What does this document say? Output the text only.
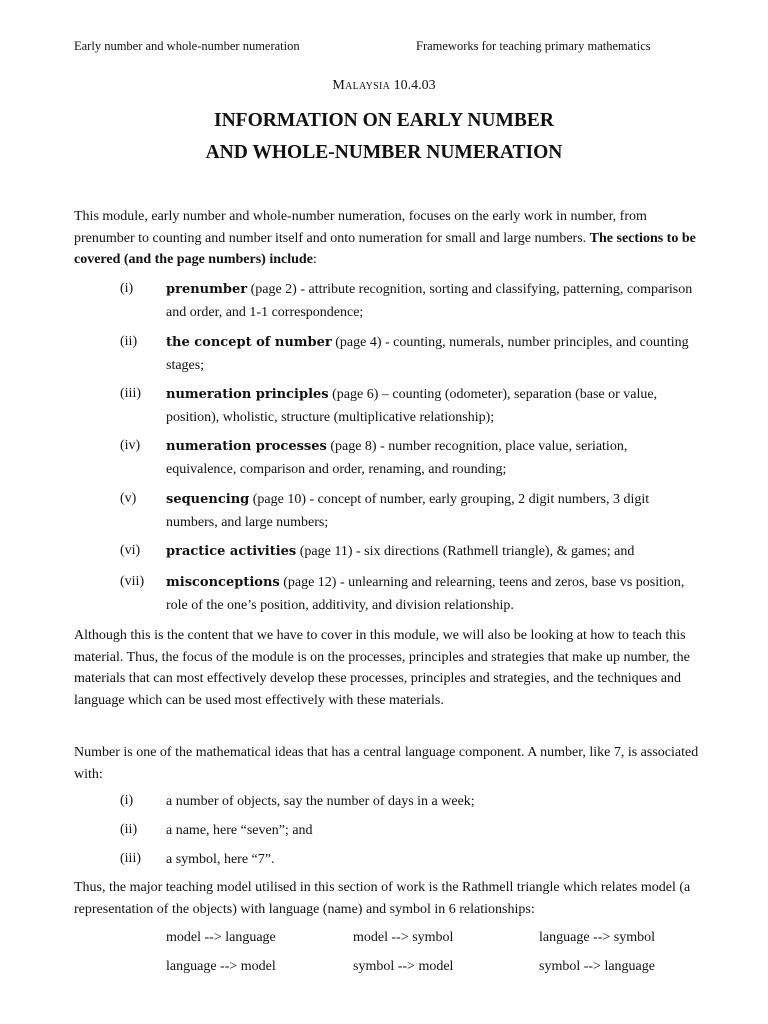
Early number and whole-number numeration	Frameworks for teaching primary mathematics
Malaysia 10.4.03
INFORMATION ON EARLY NUMBER
AND WHOLE-NUMBER NUMERATION
This module, early number and whole-number numeration, focuses on the early work in number, from prenumber to counting and number itself and onto numeration for small and large numbers. The sections to be covered (and the page numbers) include:
(i)	prenumber (page 2) - attribute recognition, sorting and classifying, patterning, comparison and order, and 1-1 correspondence;
(ii) the concept of number (page 4) - counting, numerals, number principles, and counting stages;
(iii) numeration principles (page 6) – counting (odometer), separation (base or value, position), wholistic, structure (multiplicative relationship);
(iv) numeration processes (page 8) - number recognition, place value, seriation, equivalence, comparison and order, renaming, and rounding;
(v) sequencing (page 10) - concept of number, early grouping, 2 digit numbers, 3 digit numbers, and large numbers;
(vi) practice activities (page 11) - six directions (Rathmell triangle), & games; and
(vii) misconceptions (page 12) - unlearning and relearning, teens and zeros, base vs position, role of the one’s position, additivity, and division relationship.
Although this is the content that we have to cover in this module, we will also be looking at how to teach this material. Thus, the focus of the module is on the processes, principles and strategies that make up number, the materials that can most effectively develop these processes, principles and strategies, and the techniques and language which can be used most effectively with these materials.
Number is one of the mathematical ideas that has a central language component. A number, like 7, is associated with:
(i) a number of objects, say the number of days in a week;
(ii) a name, here “seven”; and
(iii) a symbol, here “7”.
Thus, the major teaching model utilised in this section of work is the Rathmell triangle which relates model (a representation of the objects) with language (name) and symbol in 6 relationships:
model --> language	model --> symbol	language --> symbol
language --> model	symbol --> model	symbol --> language
